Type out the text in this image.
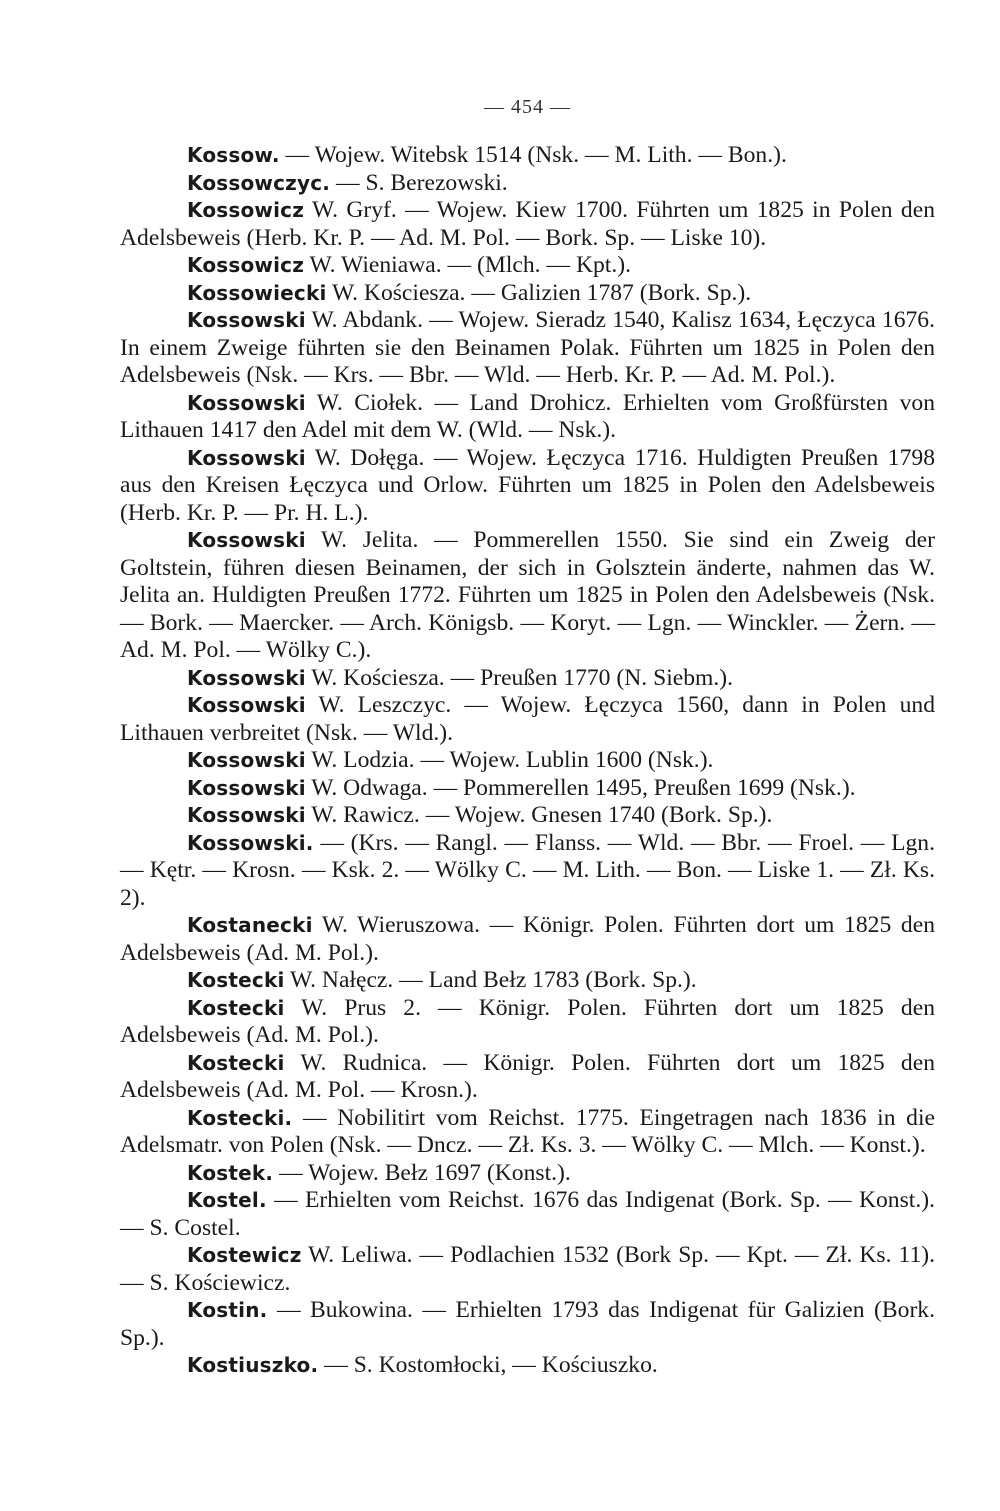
— 454 —

Kossow. — Wojew. Witebsk 1514 (Nsk. — M. Lith. — Bon.).

Kossowczyc. — S. Berezowski.

Kossowicz W. Gryf. — Wojew. Kiew 1700. Führten um 1825 in Polen den Adelsbeweis (Herb. Kr. P. — Ad. M. Pol. — Bork. Sp. — Liske 10).

Kossowicz W. Wieniawa. — (Mlch. — Kpt.).

Kossowiecki W. Kościesza. — Galizien 1787 (Bork. Sp.).

Kossowski W. Abdank. — Wojew. Sieradz 1540, Kalisz 1634, Łęczyca 1676. In einem Zweige führten sie den Beinamen Polak. Führten um 1825 in Polen den Adelsbeweis (Nsk. — Krs. — Bbr. — Wld. — Herb. Kr. P. — Ad. M. Pol.).

Kossowski W. Ciołek. — Land Drohicz. Erhielten vom Großfürsten von Lithauen 1417 den Adel mit dem W. (Wld. — Nsk.).

Kossowski W. Dołęga. — Wojew. Łęczyca 1716. Huldigten Preußen 1798 aus den Kreisen Łęczyca und Orlow. Führten um 1825 in Polen den Adelsbeweis (Herb. Kr. P. — Pr. H. L.).

Kossowski W. Jelita. — Pommerellen 1550. Sie sind ein Zweig der Goltstein, führen diesen Beinamen, der sich in Golsztein änderte, nahmen das W. Jelita an. Huldigten Preußen 1772. Führten um 1825 in Polen den Adelsbeweis (Nsk. — Bork. — Maercker. — Arch. Königsb. — Koryt. — Lgn. — Winckler. — Żern. — Ad. M. Pol. — Wölky C.).

Kossowski W. Kościesza. — Preußen 1770 (N. Siebm.).

Kossowski W. Leszczyc. — Wojew. Łęczyca 1560, dann in Polen und Lithauen verbreitet (Nsk. — Wld.).

Kossowski W. Lodzia. — Wojew. Lublin 1600 (Nsk.).

Kossowski W. Odwaga. — Pommerellen 1495, Preußen 1699 (Nsk.).

Kossowski W. Rawicz. — Wojew. Gnesen 1740 (Bork. Sp.).

Kossowski. — (Krs. — Rangl. — Flanss. — Wld. — Bbr. — Froel. — Lgn. — Kętr. — Krosn. — Ksk. 2. — Wölky C. — M. Lith. — Bon. — Liske 1. — Zł. Ks. 2).

Kostanecki W. Wieruszowa. — Königr. Polen. Führten dort um 1825 den Adelsbeweis (Ad. M. Pol.).

Kostecki W. Nałęcz. — Land Bełz 1783 (Bork. Sp.).

Kostecki W. Prus 2. — Königr. Polen. Führten dort um 1825 den Adelsbeweis (Ad. M. Pol.).

Kostecki W. Rudnica. — Königr. Polen. Führten dort um 1825 den Adelsbeweis (Ad. M. Pol. — Krosn.).

Kostecki. — Nobilitirt vom Reichst. 1775. Eingetragen nach 1836 in die Adelsmatr. von Polen (Nsk. — Dncz. — Zł. Ks. 3. — Wölky C. — Mlch. — Konst.).

Kostek. — Wojew. Bełz 1697 (Konst.).

Kostel. — Erhielten vom Reichst. 1676 das Indigenat (Bork. Sp. — Konst.). — S. Costel.

Kostewicz W. Leliwa. — Podlachien 1532 (Bork Sp. — Kpt. — Zł. Ks. 11). — S. Kościewicz.

Kostin. — Bukowina. — Erhielten 1793 das Indigenat für Galizien (Bork. Sp.).

Kostiuszko. — S. Kostomłocki, — Kościuszko.
